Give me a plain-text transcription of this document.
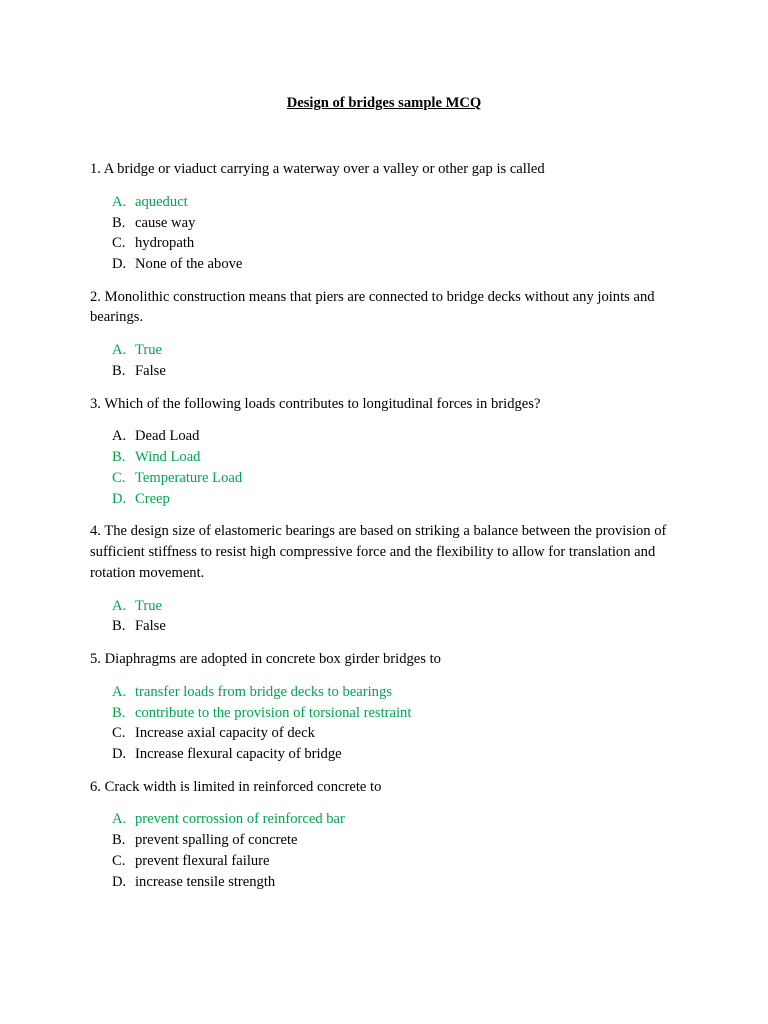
Design of bridges sample MCQ

1. A bridge or viaduct carrying a waterway over a valley or other gap is called

A. aqueduct
B. cause way
C. hydropath
D. None of the above

2. Monolithic construction means that piers are connected to bridge decks without any joints and bearings.

A. True
B. False

3. Which of the following loads contributes to longitudinal forces in bridges?

A. Dead Load
B. Wind Load
C. Temperature Load
D. Creep

4. The design size of elastomeric bearings are based on striking a balance between the provision of sufficient stiffness to resist high compressive force and the flexibility to allow for translation and rotation movement.

A. True
B. False

5. Diaphragms are adopted in concrete box girder bridges to

A. transfer loads from bridge decks to bearings
B. contribute to the provision of torsional restraint
C. Increase axial capacity of deck
D. Increase flexural capacity of bridge

6. Crack width is limited in reinforced concrete to

A. prevent corrossion of reinforced bar
B. prevent spalling of concrete
C. prevent flexural failure
D. increase tensile strength
